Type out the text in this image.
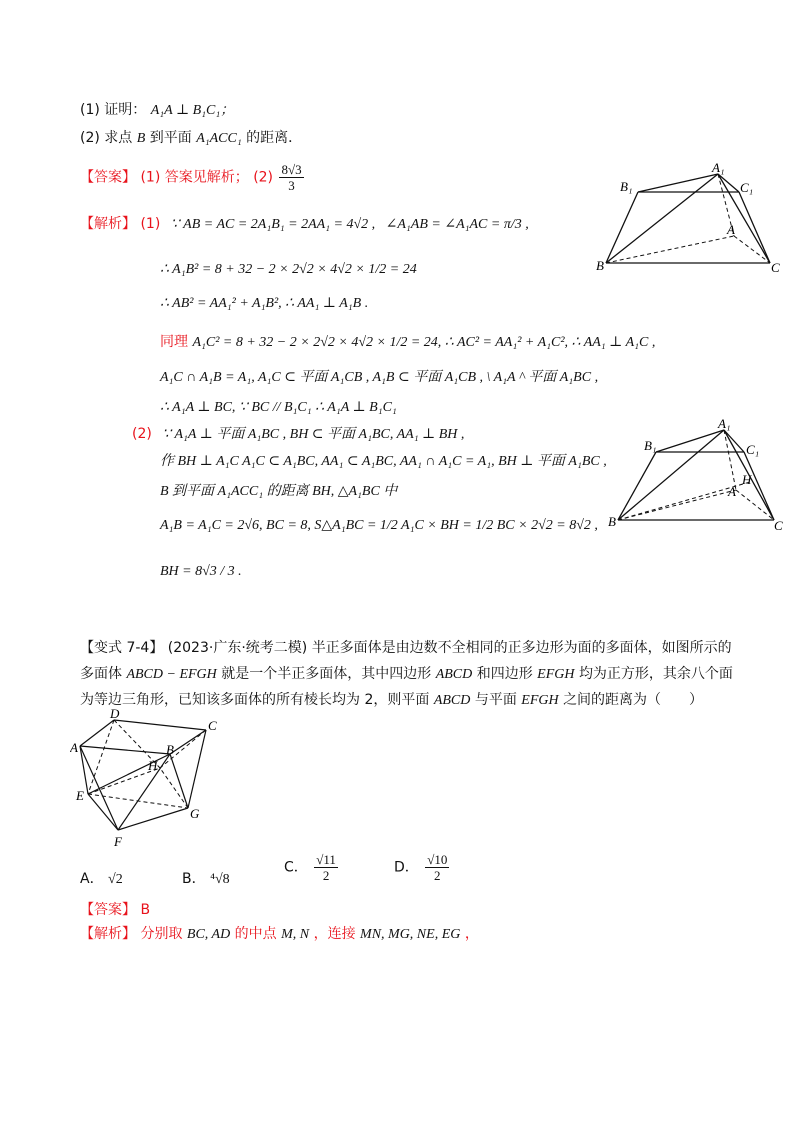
(1) 证明： A₁A ⊥ B₁C₁；
(2) 求点 B 到平面 A₁ACC₁ 的距离．
【答案】 (1) 答案见解析； $(2) \frac{8√3}{3}$
【解析】 (1) ∵ AB = AC = 2A₁B₁ = 2AA₁ = 4√2 , ∠A₁AB = ∠A₁AC = π/3 ,
∴ A₁B² = 8 + 32 − 2 × 2√2 × 4√2 × 1/2 = 24
∴ AB² = AA₁² + A₁B², ∴ AA₁ ⊥ A₁B .
同理 A₁C² = 8 + 32 − 2 × 2√2 × 4√2 × 1/2 = 24, ∴ AC² = AA₁² + A₁C², ∴ AA₁ ⊥ A₁C ,
A₁C ∩ A₁B = A₁, A₁C ⊂ 平面 A₁CB , A₁B ⊂ 平面 A₁CB , \ A₁A ^ 平面 A₁BC ,
∴ A₁A ⊥ BC, ∵ BC // B₁C₁ ∴ A₁A ⊥ B₁C₁
(2) ∵ A₁A ⊥ 平面 A₁BC , BH ⊂ 平面 A₁BC, AA₁ ⊥ BH ,
作 BH ⊥ A₁C A₁C ⊂ A₁BC, AA₁ ⊂ A₁BC, AA₁ ∩ A₁C = A₁, BH ⊥ 平面 A₁BC ,
B 到平面 A₁ACC₁ 的距离 BH, △A₁BC 中
A₁B = A₁C = 2√6, BC = 8, S△A₁BC = 1/2 A₁C × BH = 1/2 BC × 2√2 = 8√2 ,
BH = 8√3 / 3 .
A₁
B₁	C₁
A
B	C
A₁
B₁	C₁
H
A
B	C
【变式 7-4】 (2023·广东·统考二模) 半正多面体是由边数不全相同的正多边形为面的多面体，如图所示的
多面体 ABCD − EFGH 就是一个半正多面体，其中四边形 ABCD 和四边形 EFGH 均为正方形，其余八个面
为等边三角形，已知该多面体的所有棱长均为 2，则平面 ABCD 与平面 EFGH 之间的距离为（　　）
D
C
A	B
H
E
G
F
A． √2	B． ⁴√8
C． $\frac{√11}{2}$	D． $\frac{√10}{2}$
【答案】 B
【解析】 分别取 BC, AD 的中点 M, N ，连接 MN, MG, NE, EG ，
